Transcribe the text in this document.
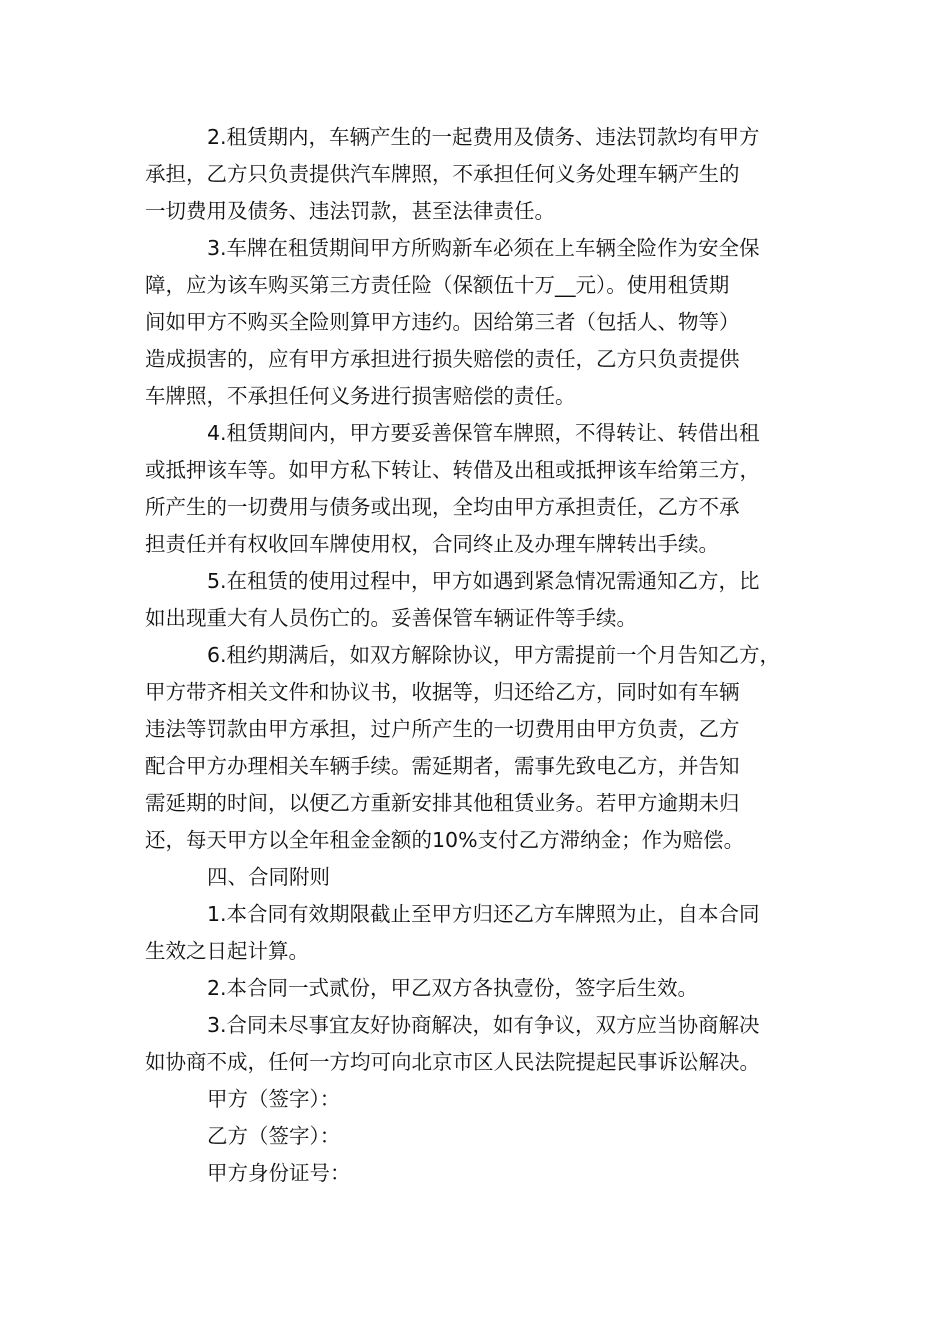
2.租赁期内，车辆产生的一起费用及债务、违法罚款均有甲方
承担，乙方只负责提供汽车牌照，不承担任何义务处理车辆产生的
一切费用及债务、违法罚款，甚至法律责任。
3.车牌在租赁期间甲方所购新车必须在上车辆全险作为安全保
障，应为该车购买第三方责任险（保额伍十万__元）。使用租赁期
间如甲方不购买全险则算甲方违约。因给第三者（包括人、物等）
造成损害的，应有甲方承担进行损失赔偿的责任，乙方只负责提供
车牌照，不承担任何义务进行损害赔偿的责任。
4.租赁期间内，甲方要妥善保管车牌照，不得转让、转借出租
或抵押该车等。如甲方私下转让、转借及出租或抵押该车给第三方，
所产生的一切费用与债务或出现，全均由甲方承担责任，乙方不承
担责任并有权收回车牌使用权，合同终止及办理车牌转出手续。
5.在租赁的使用过程中，甲方如遇到紧急情况需通知乙方，比
如出现重大有人员伤亡的。妥善保管车辆证件等手续。
6.租约期满后，如双方解除协议，甲方需提前一个月告知乙方，
甲方带齐相关文件和协议书，收据等，归还给乙方，同时如有车辆
违法等罚款由甲方承担，过户所产生的一切费用由甲方负责，乙方
配合甲方办理相关车辆手续。需延期者，需事先致电乙方，并告知
需延期的时间，以便乙方重新安排其他租赁业务。若甲方逾期未归
还，每天甲方以全年租金金额的10%支付乙方滞纳金；作为赔偿。
四、合同附则
1.本合同有效期限截止至甲方归还乙方车牌照为止，自本合同
生效之日起计算。
2.本合同一式贰份，甲乙双方各执壹份，签字后生效。
3.合同未尽事宜友好协商解决，如有争议，双方应当协商解决
如协商不成，任何一方均可向北京市区人民法院提起民事诉讼解决。
甲方（签字）：
乙方（签字）：
甲方身份证号：
